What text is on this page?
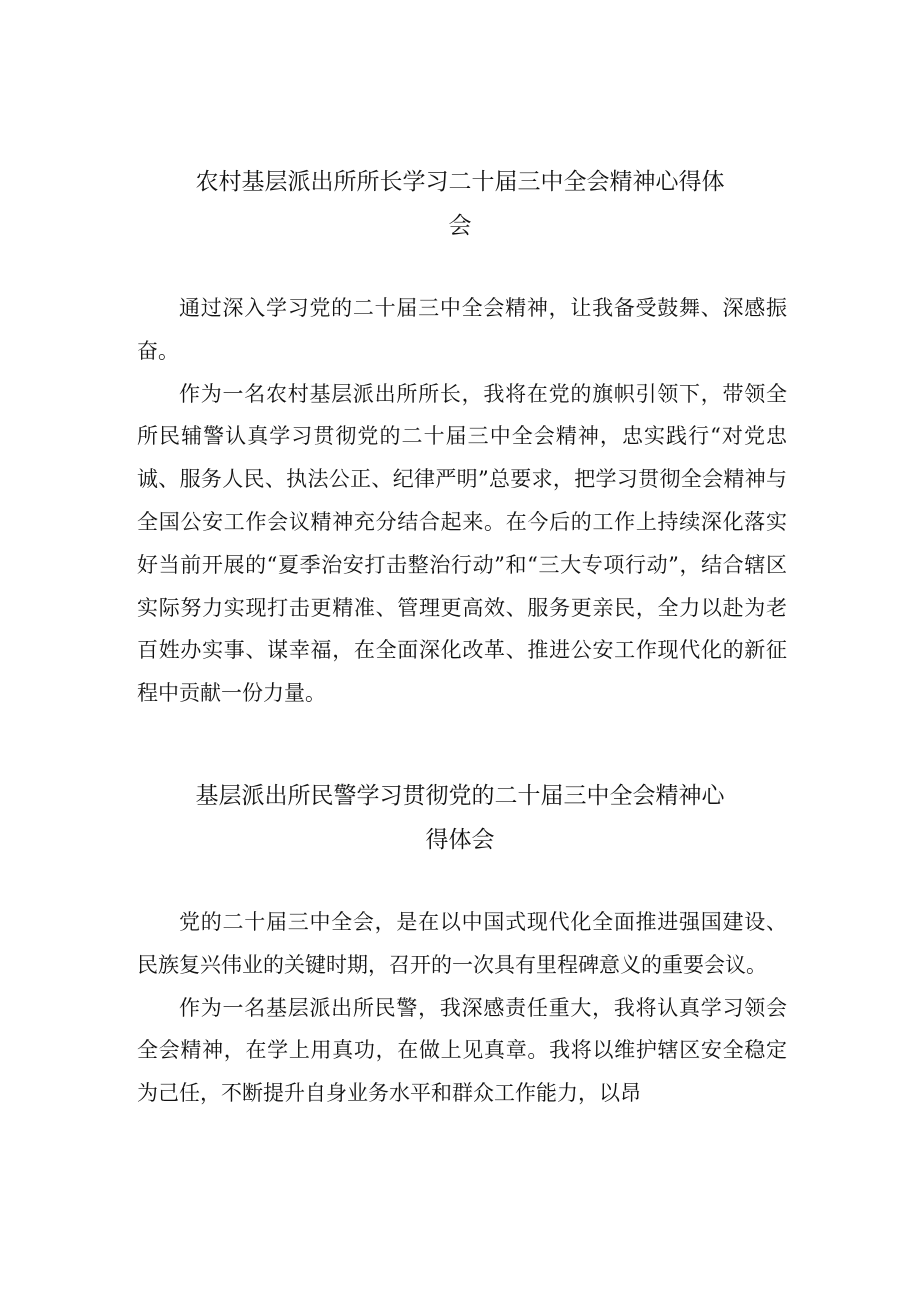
农村基层派出所所长学习二十届三中全会精神心得体
会

通过深入学习党的二十届三中全会精神，让我备受鼓舞、深感振奋。

作为一名农村基层派出所所长，我将在党的旗帜引领下，带领全所民辅警认真学习贯彻党的二十届三中全会精神，忠实践行“对党忠诚、服务人民、执法公正、纪律严明”总要求，把学习贯彻全会精神与全国公安工作会议精神充分结合起来。在今后的工作上持续深化落实好当前开展的“夏季治安打击整治行动”和“三大专项行动”，结合辖区实际努力实现打击更精准、管理更高效、服务更亲民，全力以赴为老百姓办实事、谋幸福，在全面深化改革、推进公安工作现代化的新征程中贡献一份力量。

基层派出所民警学习贯彻党的二十届三中全会精神心
得体会

党的二十届三中全会，是在以中国式现代化全面推进强国建设、民族复兴伟业的关键时期，召开的一次具有里程碑意义的重要会议。

作为一名基层派出所民警，我深感责任重大，我将认真学习领会全会精神，在学上用真功，在做上见真章。我将以维护辖区安全稳定为己任，不断提升自身业务水平和群众工作能力，以昂
